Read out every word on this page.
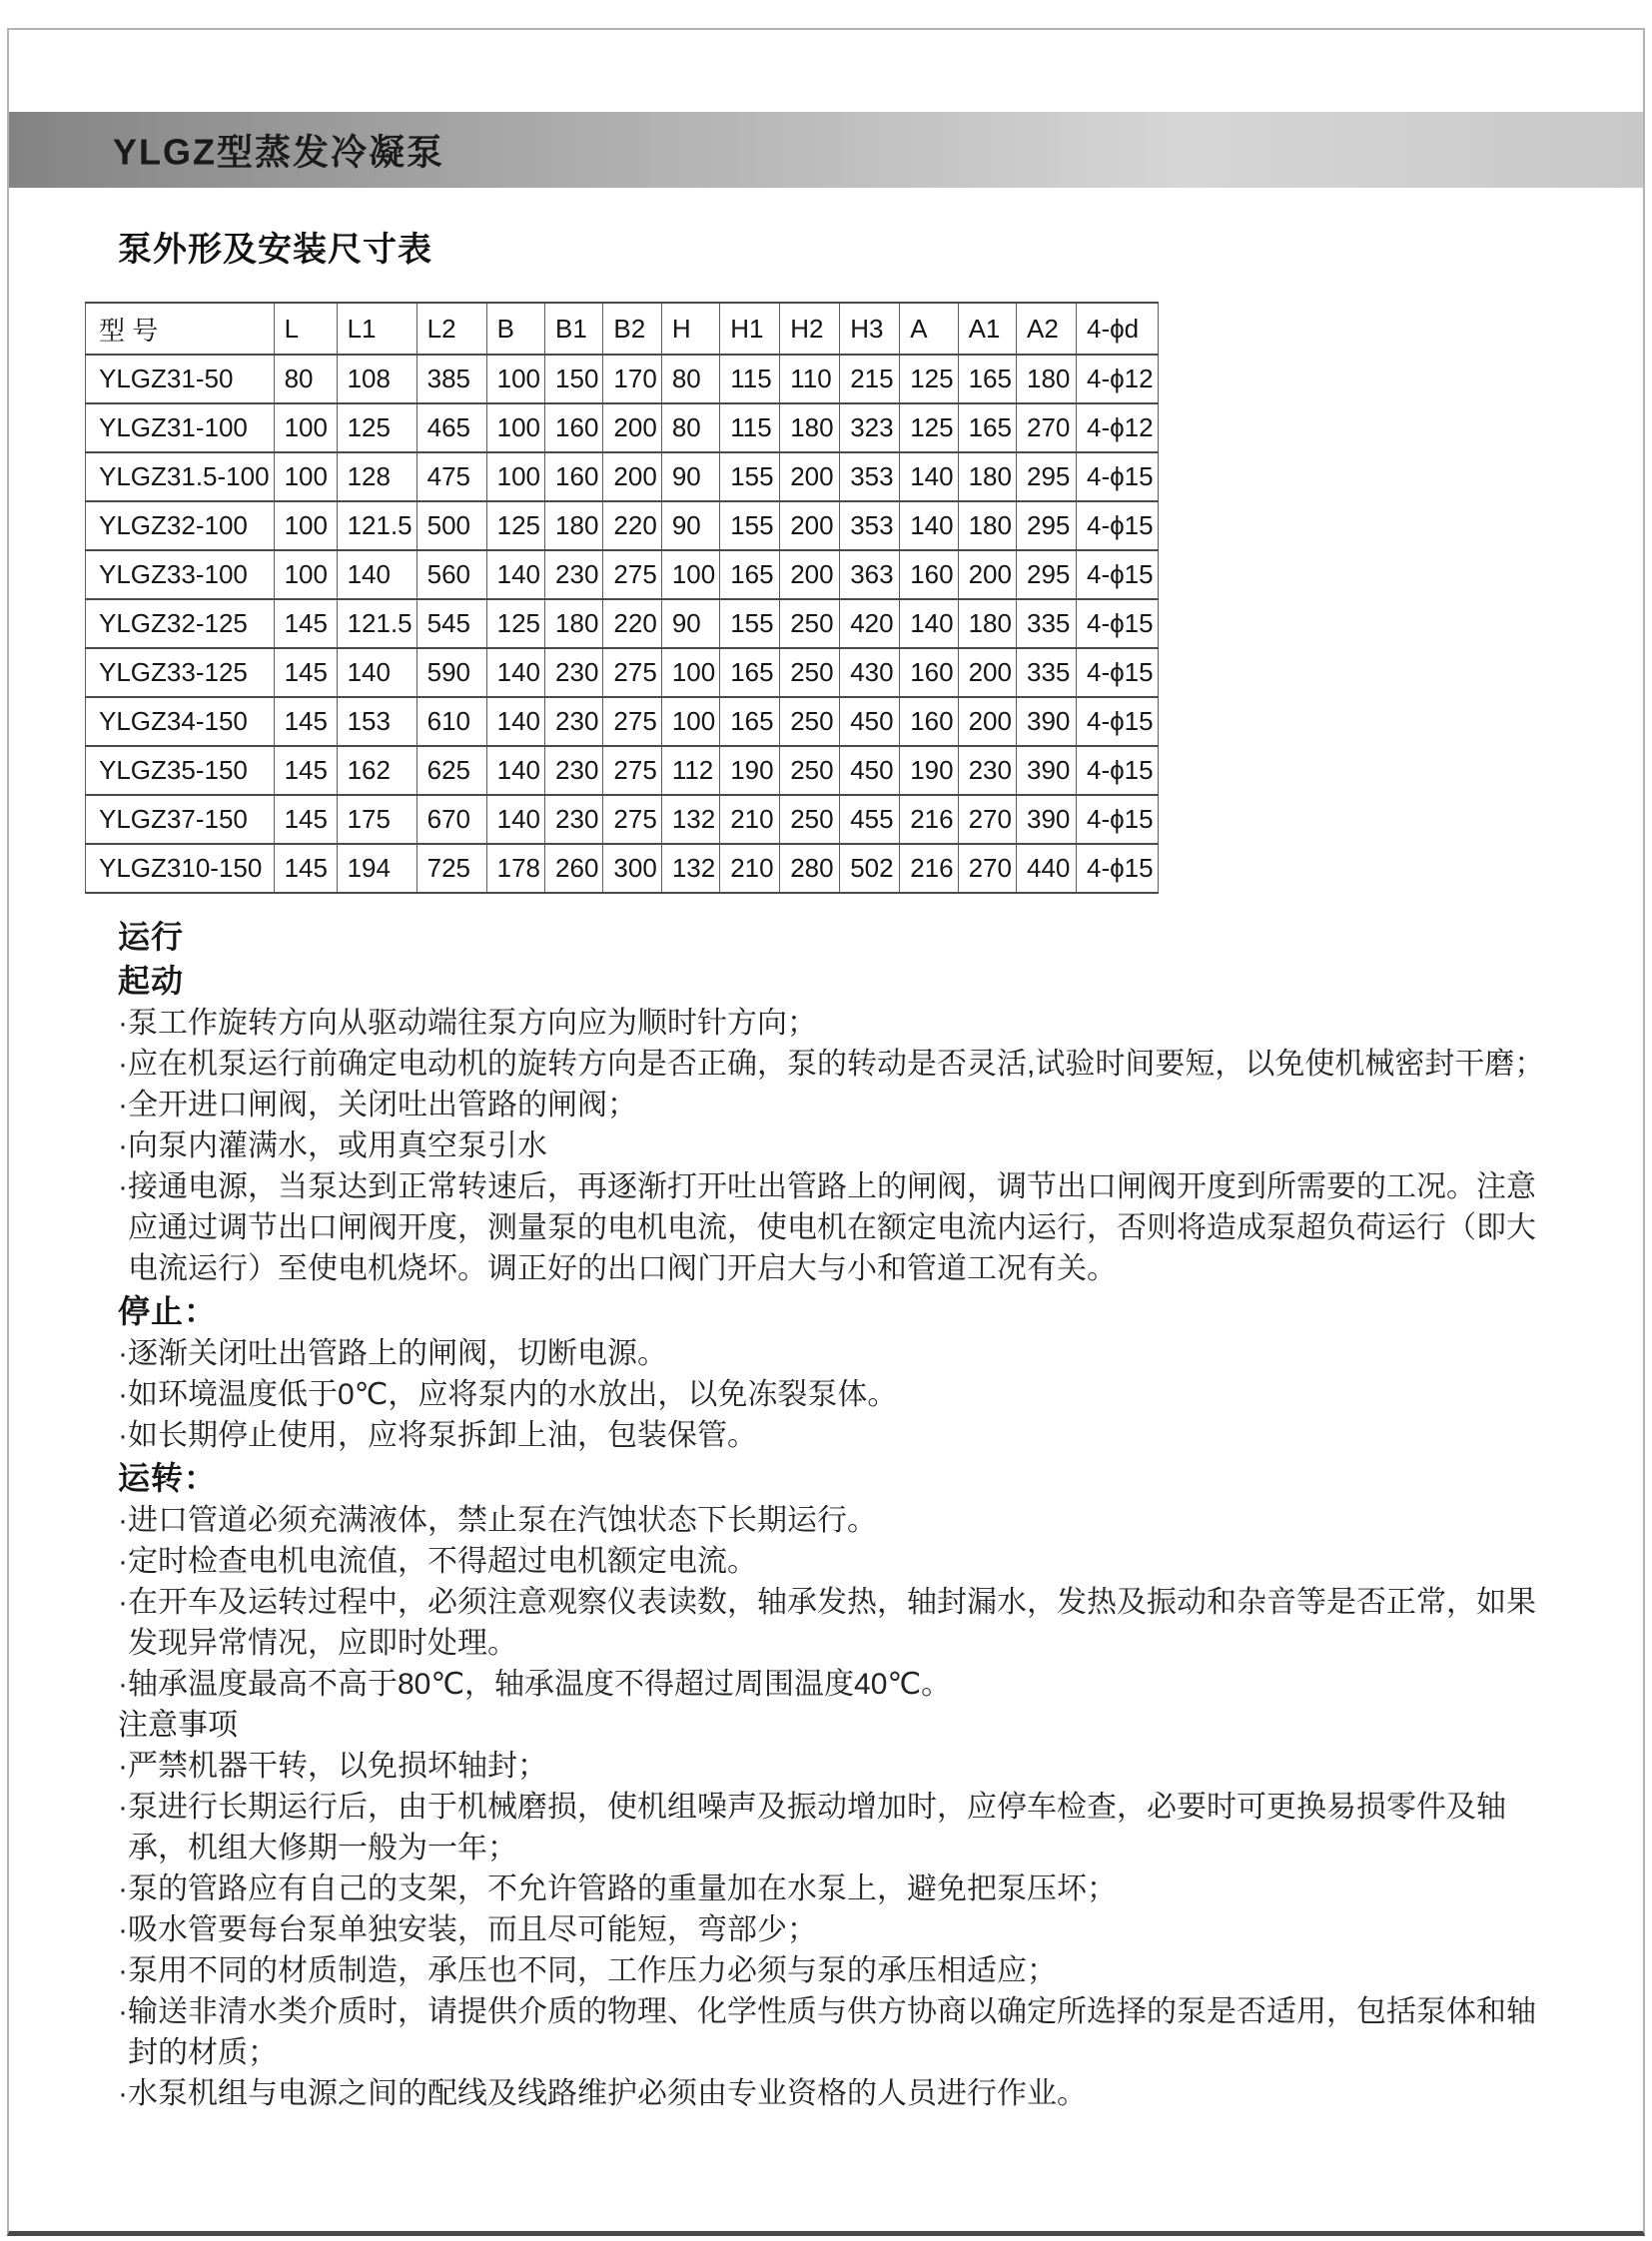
YLGZ型蒸发冷凝泵
泵外形及安装尺寸表
型 号	L	L1	L2	B	B1	B2	H	H1	H2	H3	A	A1	A2	4-ϕd
YLGZ31-50	80	108	385	100	150	170	80	115	110	215	125	165	180	4-ϕ12
YLGZ31-100	100	125	465	100	160	200	80	115	180	323	125	165	270	4-ϕ12
YLGZ31.5-100	100	128	475	100	160	200	90	155	200	353	140	180	295	4-ϕ15
YLGZ32-100	100	121.5	500	125	180	220	90	155	200	353	140	180	295	4-ϕ15
YLGZ33-100	100	140	560	140	230	275	100	165	200	363	160	200	295	4-ϕ15
YLGZ32-125	145	121.5	545	125	180	220	90	155	250	420	140	180	335	4-ϕ15
YLGZ33-125	145	140	590	140	230	275	100	165	250	430	160	200	335	4-ϕ15
YLGZ34-150	145	153	610	140	230	275	100	165	250	450	160	200	390	4-ϕ15
YLGZ35-150	145	162	625	140	230	275	112	190	250	450	190	230	390	4-ϕ15
YLGZ37-150	145	175	670	140	230	275	132	210	250	455	216	270	390	4-ϕ15
YLGZ310-150	145	194	725	178	260	300	132	210	280	502	216	270	440	4-ϕ15
运行
起动

·泵工作旋转方向从驱动端往泵方向应为顺时针方向；

·应在机泵运行前确定电动机的旋转方向是否正确，泵的转动是否灵活,试验时间要短，以免使机械密封干磨；

·全开进口闸阀，关闭吐出管路的闸阀；

·向泵内灌满水，或用真空泵引水

·接通电源，当泵达到正常转速后，再逐渐打开吐出管路上的闸阀，调节出口闸阀开度到所需要的工况。注意应通过调节出口闸阀开度，测量泵的电机电流，使电机在额定电流内运行，否则将造成泵超负荷运行（即大电流运行）至使电机烧坏。调正好的出口阀门开启大与小和管道工况有关。

停止：

·逐渐关闭吐出管路上的闸阀，切断电源。

·如环境温度低于0℃，应将泵内的水放出，以免冻裂泵体。

·如长期停止使用，应将泵拆卸上油，包装保管。

运转：

·进口管道必须充满液体，禁止泵在汽蚀状态下长期运行。

·定时检查电机电流值，不得超过电机额定电流。

·在开车及运转过程中，必须注意观察仪表读数，轴承发热，轴封漏水，发热及振动和杂音等是否正常，如果发现异常情况，应即时处理。

·轴承温度最高不高于80℃，轴承温度不得超过周围温度40℃。

注意事项

·严禁机器干转，以免损坏轴封；

·泵进行长期运行后，由于机械磨损，使机组噪声及振动增加时，应停车检查，必要时可更换易损零件及轴承，机组大修期一般为一年；

·泵的管路应有自己的支架，不允许管路的重量加在水泵上，避免把泵压坏；

·吸水管要每台泵单独安装，而且尽可能短，弯部少；

·泵用不同的材质制造，承压也不同，工作压力必须与泵的承压相适应；

·输送非清水类介质时，请提供介质的物理、化学性质与供方协商以确定所选择的泵是否适用，包括泵体和轴封的材质；

·水泵机组与电源之间的配线及线路维护必须由专业资格的人员进行作业。
